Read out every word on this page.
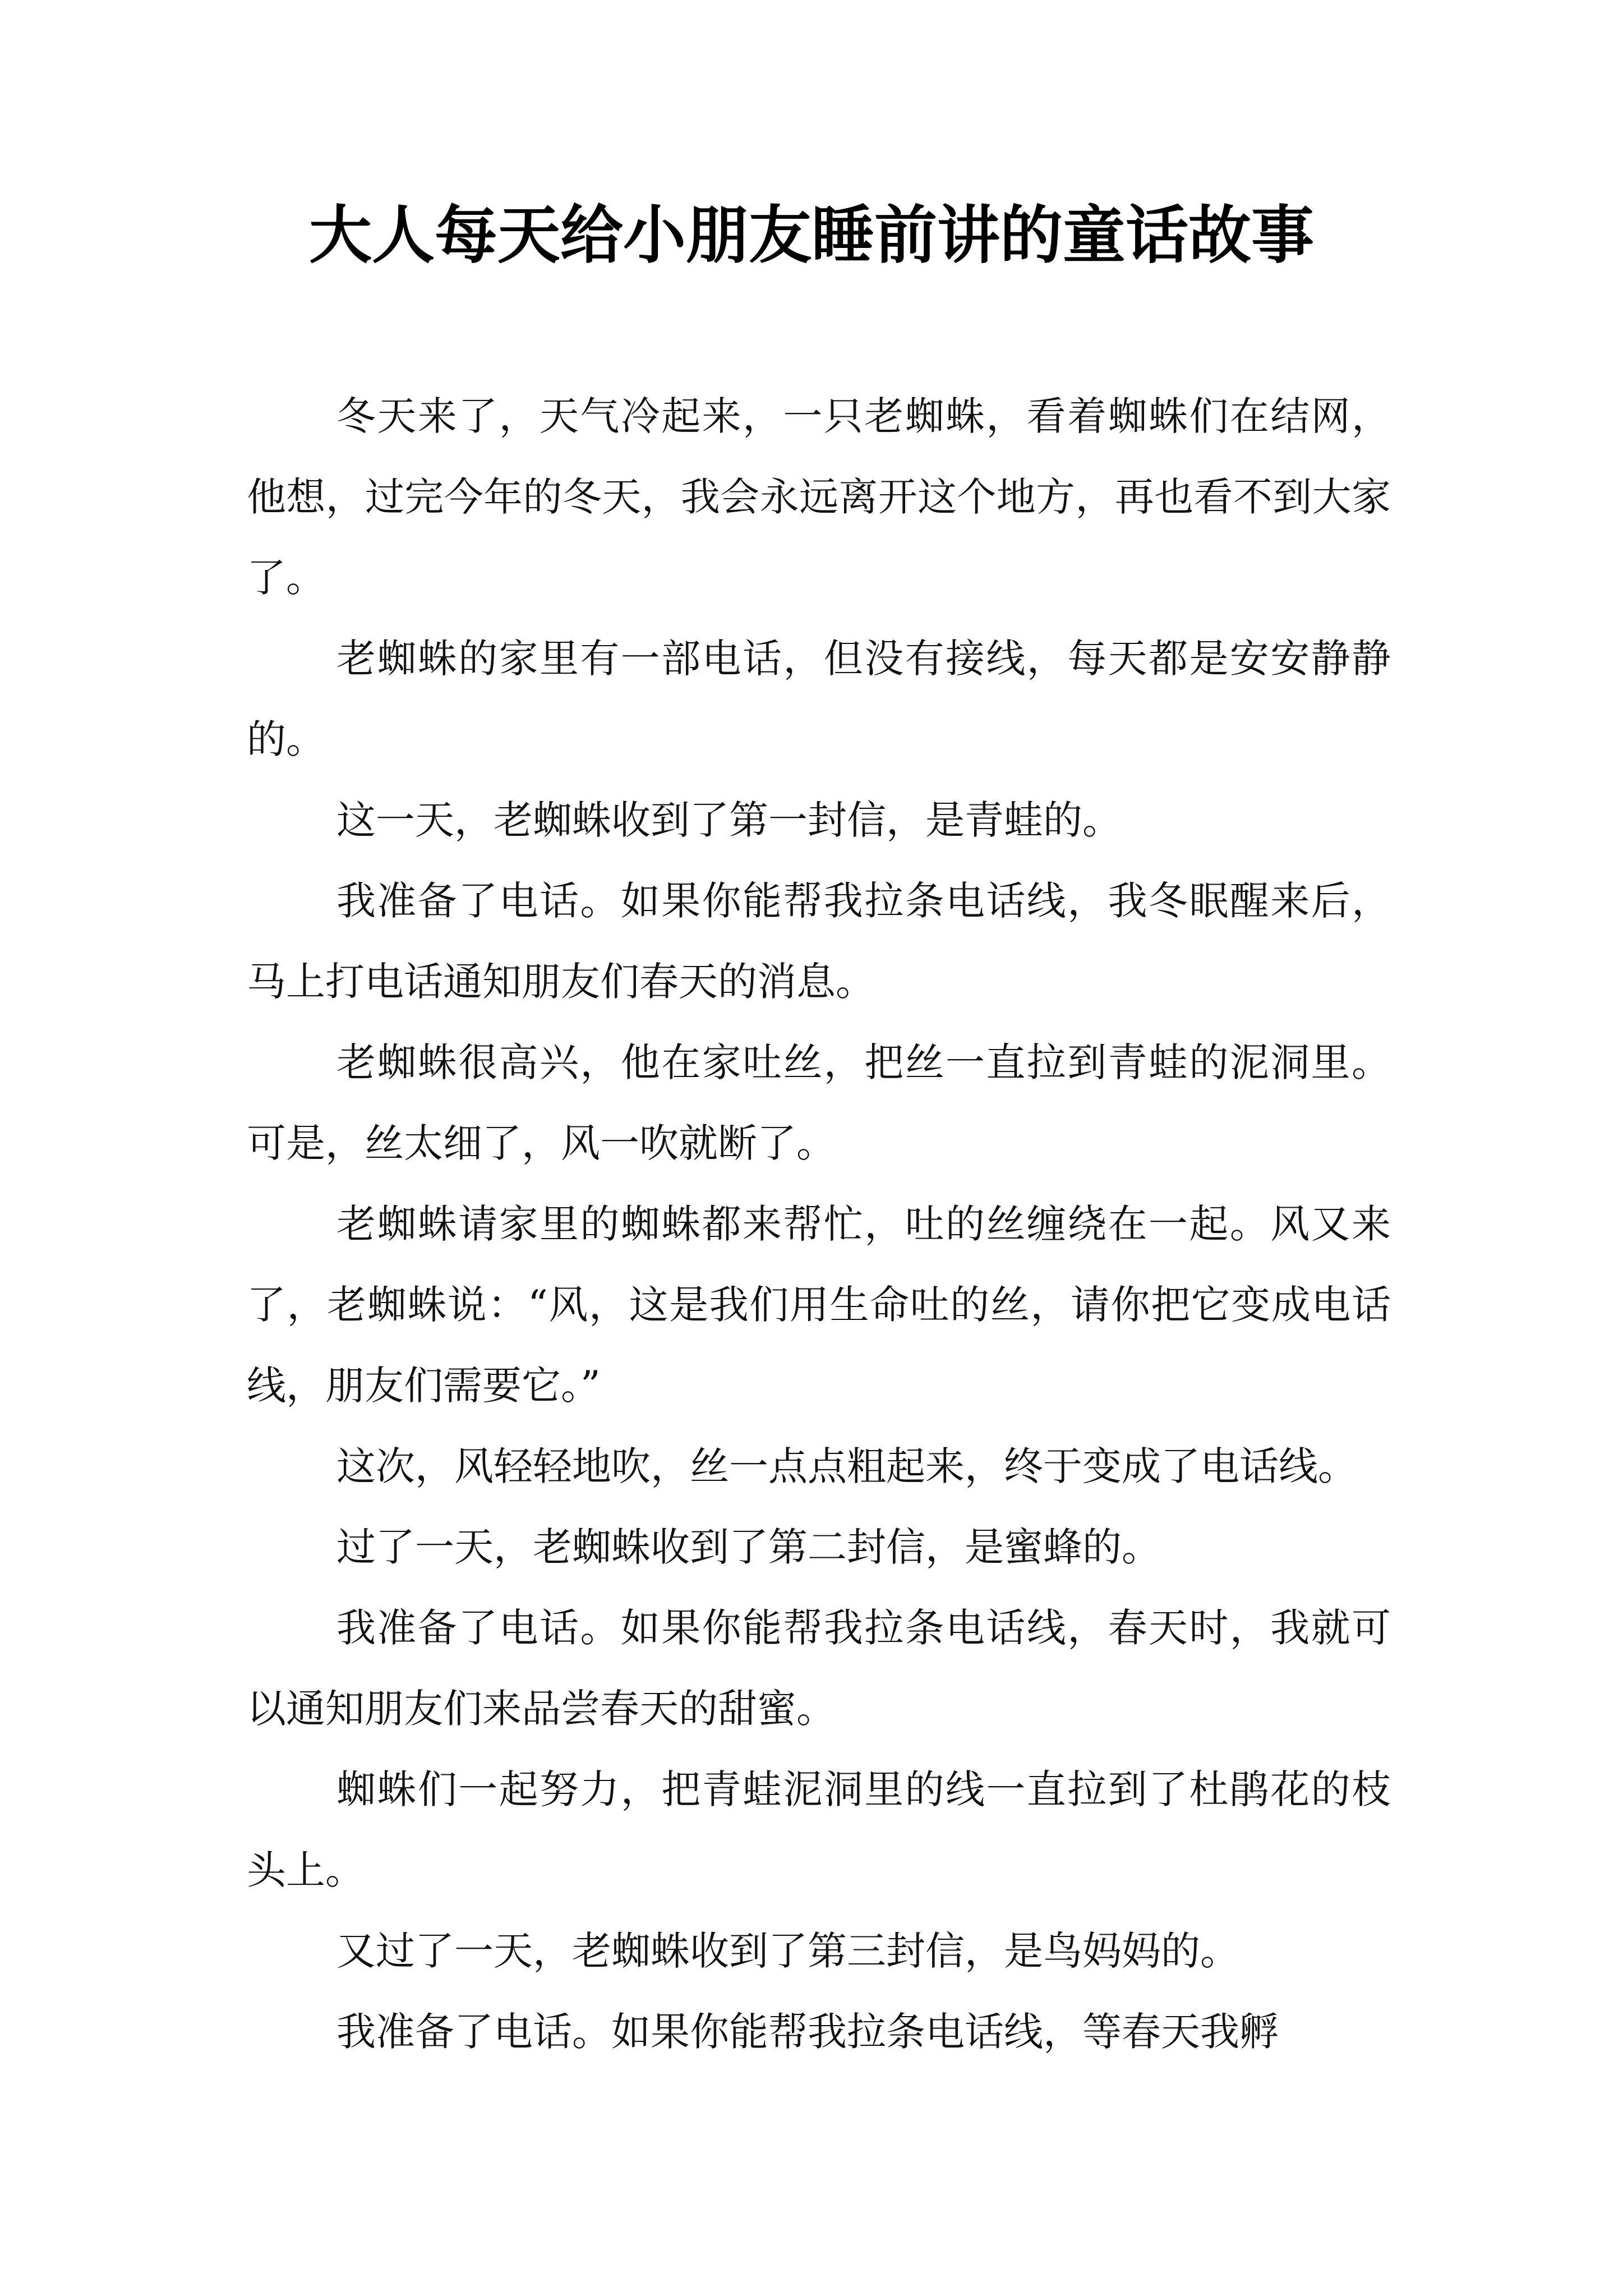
大人每天给小朋友睡前讲的童话故事

冬天来了，天气冷起来，一只老蜘蛛，看着蜘蛛们在结网，他想，过完今年的冬天，我会永远离开这个地方，再也看不到大家了。

老蜘蛛的家里有一部电话，但没有接线，每天都是安安静静的。

这一天，老蜘蛛收到了第一封信，是青蛙的。

我准备了电话。如果你能帮我拉条电话线，我冬眠醒来后，马上打电话通知朋友们春天的消息。

老蜘蛛很高兴，他在家吐丝，把丝一直拉到青蛙的泥洞里。可是，丝太细了，风一吹就断了。

老蜘蛛请家里的蜘蛛都来帮忙，吐的丝缠绕在一起。风又来了，老蜘蛛说：“风，这是我们用生命吐的丝，请你把它变成电话线，朋友们需要它。”

这次，风轻轻地吹，丝一点点粗起来，终于变成了电话线。

过了一天，老蜘蛛收到了第二封信，是蜜蜂的。

我准备了电话。如果你能帮我拉条电话线，春天时，我就可以通知朋友们来品尝春天的甜蜜。

蜘蛛们一起努力，把青蛙泥洞里的线一直拉到了杜鹃花的枝头上。

又过了一天，老蜘蛛收到了第三封信，是鸟妈妈的。

我准备了电话。如果你能帮我拉条电话线，等春天我孵
